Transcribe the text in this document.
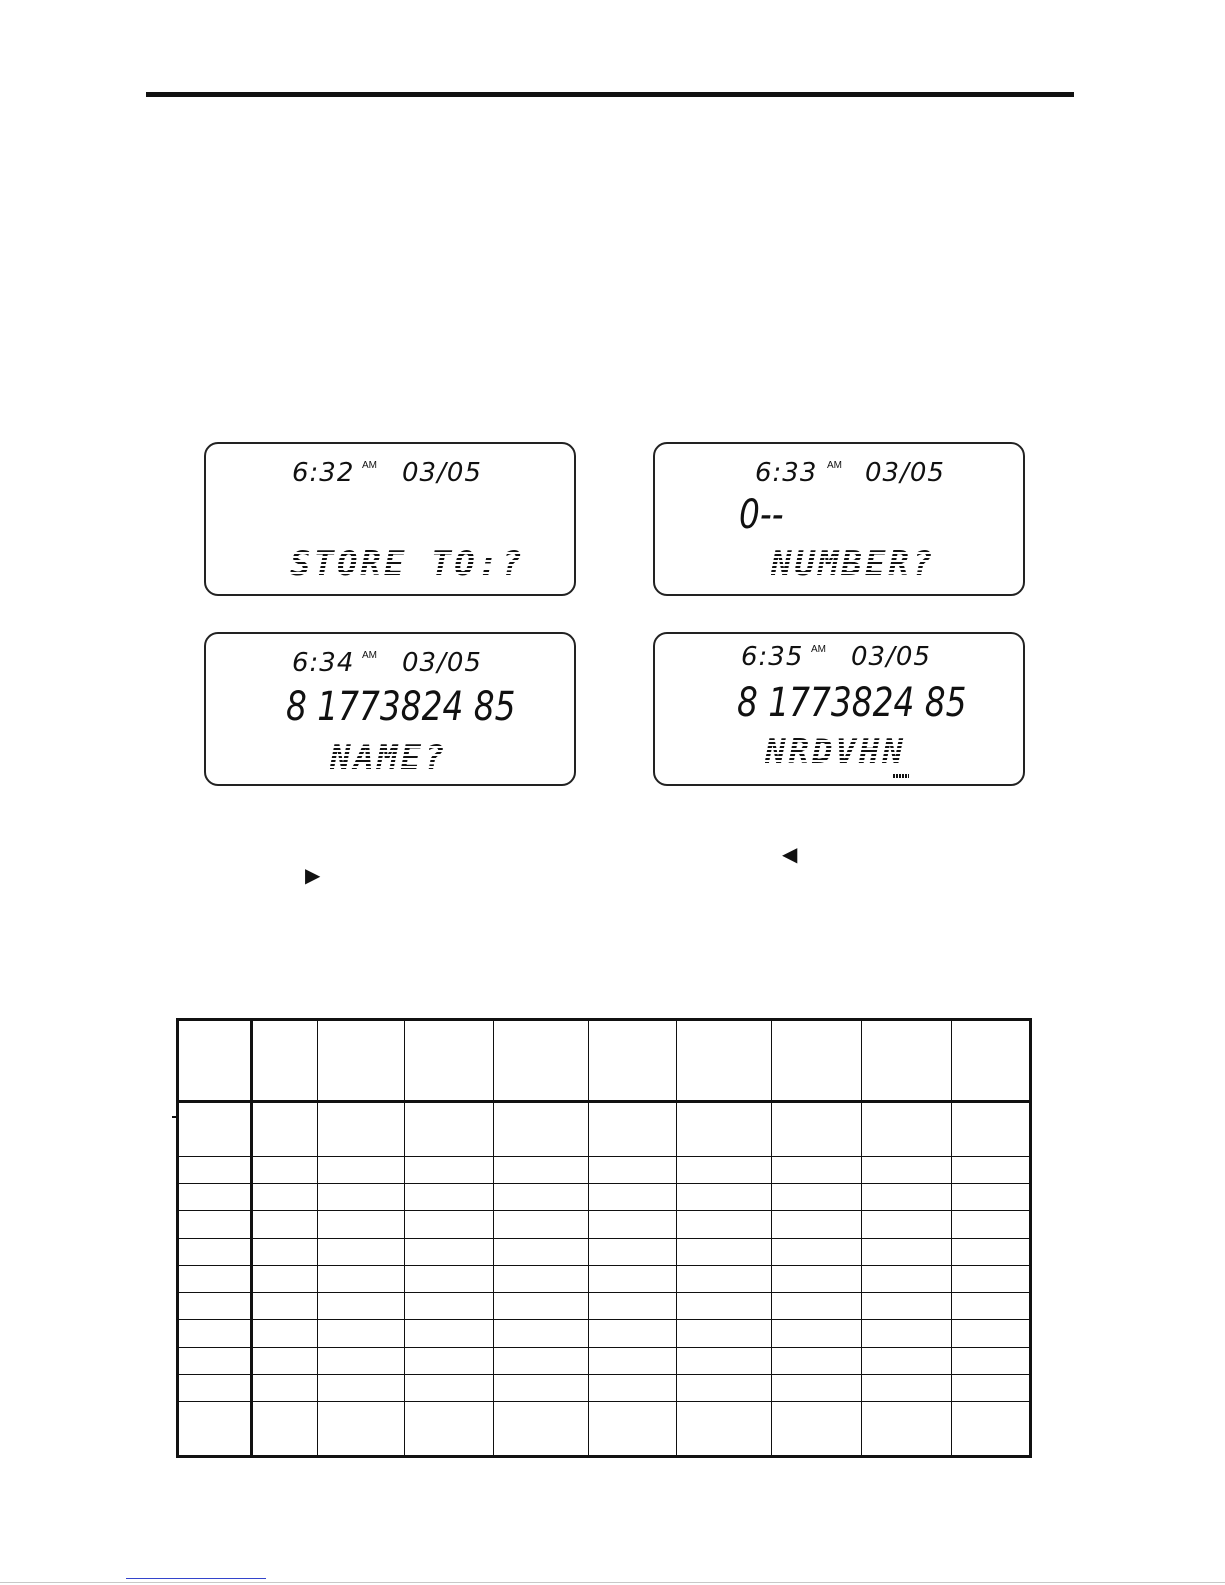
6:32 AM 03/05
STORE TO:?
6:33 AM 03/05
0--
NUMBER?
6:34 AM 03/05
8 1773824 85
NAME?
6:35 AM 03/05
8 1773824 85
NRDVHN
◀
▶
